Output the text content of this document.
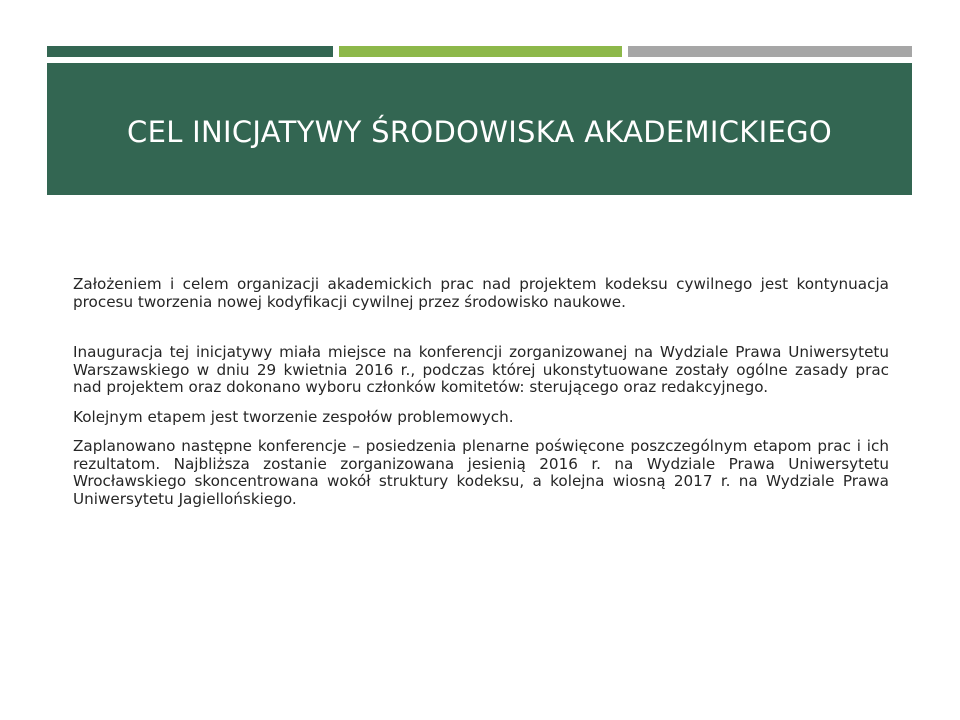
CEL INICJATYWY ŚRODOWISKA AKADEMICKIEGO

Założeniem i celem organizacji akademickich prac nad projektem kodeksu cywilnego jest kontynuacja procesu tworzenia nowej kodyfikacji cywilnej przez środowisko naukowe.

Inauguracja tej inicjatywy miała miejsce na konferencji zorganizowanej na Wydziale Prawa Uniwersytetu Warszawskiego w dniu 29 kwietnia 2016 r., podczas której ukonstytuowane zostały ogólne zasady prac nad projektem oraz dokonano wyboru członków komitetów: sterującego oraz redakcyjnego.

Kolejnym etapem jest tworzenie zespołów problemowych.

Zaplanowano następne konferencje – posiedzenia plenarne poświęcone poszczególnym etapom prac i ich rezultatom. Najbliższa zostanie zorganizowana jesienią 2016 r. na Wydziale Prawa Uniwersytetu Wrocławskiego skoncentrowana wokół struktury kodeksu, a kolejna wiosną 2017 r. na Wydziale Prawa Uniwersytetu Jagiellońskiego.
